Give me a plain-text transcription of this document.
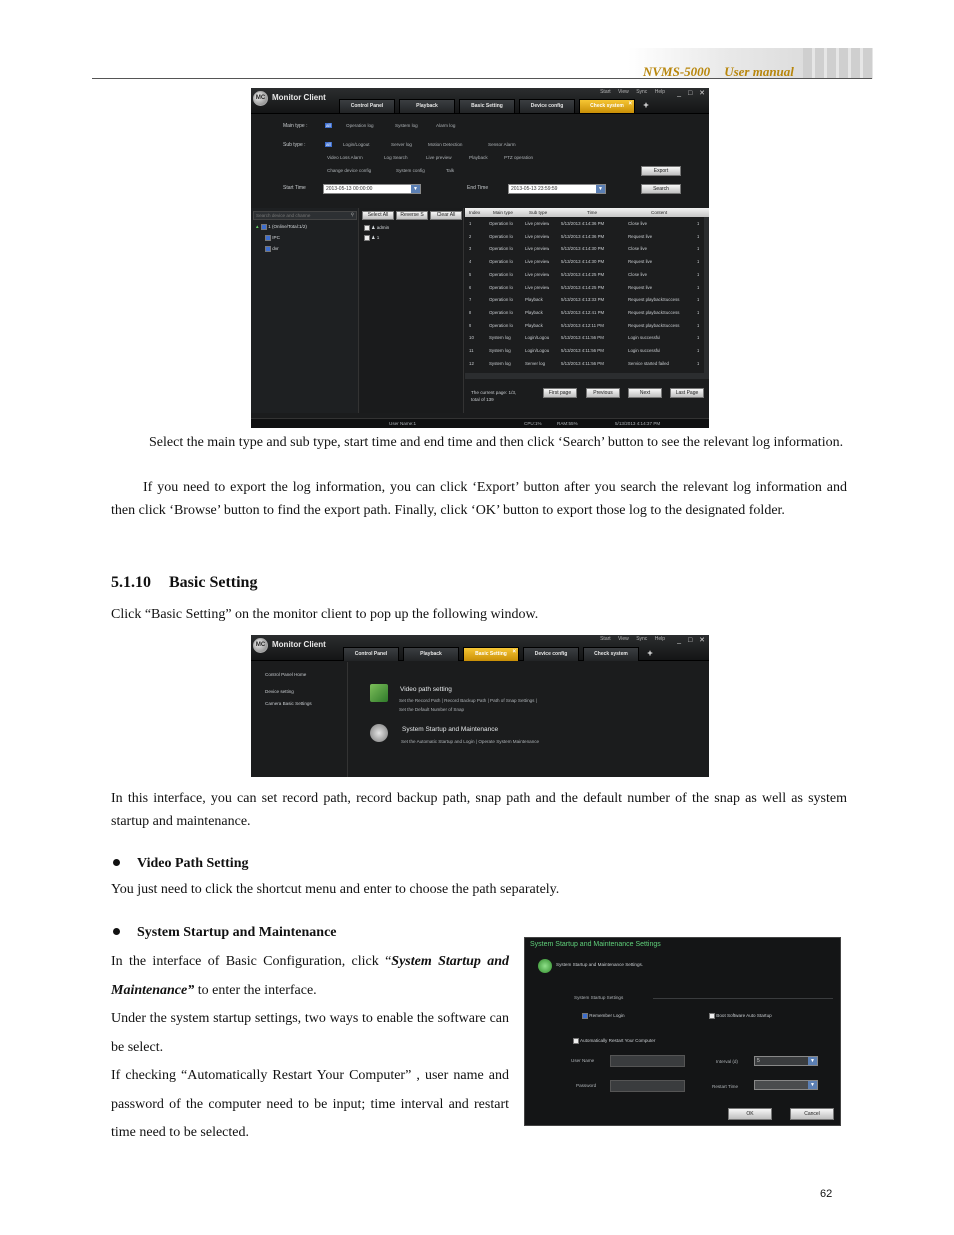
NVMS-5000 User manual
MC Monitor Client
Start View Sync Help	_ □ ✕
Control Panel	Playback	Basic Setting	Device config	Check system × +
Main type :	all	Operation log	System log	Alarm log
Sub type :	all	Login/Logout	Server log	Motion Detection	Sensor Alarm
Video Loss Alarm	Log Search	Live preview	Playback	PTZ operation
Change device config	System config	Talk	Export
Start Time	2013-05-13 00:00:00	▼	End Time	2013-05-13 23:59:59	▼	Search
Search device and channe	⚲
▲ 1 (Online/Total:1/2)
IPC
dvr
Select All	Reverse S	Clear All
♟ admin
♟ 1
Index	Main type	Sub type	Time	Content
1	Operation lo	Live preview	5/13/2013 4:14:36 PM	Close live	1
2	Operation lo	Live preview	5/13/2013 4:14:36 PM	Request live	1
3	Operation lo	Live preview	5/13/2013 4:14:30 PM	Close live	1
4	Operation lo	Live preview	5/13/2013 4:14:30 PM	Request live	1
5	Operation lo	Live preview	5/13/2013 4:14:25 PM	Close live	1
6	Operation lo	Live preview	5/13/2013 4:14:25 PM	Request live	1
7	Operation lo	Playback	5/13/2013 4:13:33 PM	Request playbackSuccess	1
8	Operation lo	Playback	5/13/2013 4:12:41 PM	Request playbackSuccess	1
9	Operation lo	Playback	5/13/2013 4:12:11 PM	Request playbackSuccess	1
10	System log	Login/Logou	5/13/2013 4:11:56 PM	Login successful	1
11	System log	Login/Logou	5/13/2013 4:11:56 PM	Login successful	1
12	System log	Server log	5/13/2013 4:11:56 PM	Service started failed	1
The current page: 1/3,
total of 139
First page	Previous	Next	Last Page
User Name:1	CPU:1%	RAM:55%	5/13/2013 4:14:37 PM
Select the main type and sub type, start time and end time and then click ‘Search’ button to see the relevant log information.
If you need to export the log information, you can click ‘Export’ button after you search the relevant log information and then click ‘Browse’ button to find the export path. Finally, click ‘OK’ button to export those log to the designated folder.
5.1.10 Basic Setting
Click “Basic Setting” on the monitor client to pop up the following window.
MC Monitor Client
Start View Sync Help	_ □ ✕
Control Panel	Playback	Basic Setting ×	Device config	Check system +
Control Panel Home
Device setting
Camera Basic Settings
Video path setting
Set the Record Path | Record Backup Path | Path of Snap Settings |
Set the Default Number of Snap
System Startup and Maintenance
Set the Automatic Startup and Login | Operate System Maintenance
In this interface, you can set record path, record backup path, snap path and the default number of the snap as well as system startup and maintenance.
Video Path Setting
You just need to click the shortcut menu and enter to choose the path separately.
System Startup and Maintenance
In the interface of Basic Configuration, click “System Startup and Maintenance” to enter the interface.
Under the system startup settings, two ways to enable the software can be select.
If checking “Automatically Restart Your Computer” , user name and password of the computer need to be input; time interval and restart time need to be selected.
System Startup and Maintenance Settings
System Startup and Maintenance Settings.
System Startup Settings
Remember Login	Boot Software Auto Startup
Automatically Restart Your Computer
User Name	Interval (d)	5	▼
Password	Restart Time	▼
OK	Cancel
62
